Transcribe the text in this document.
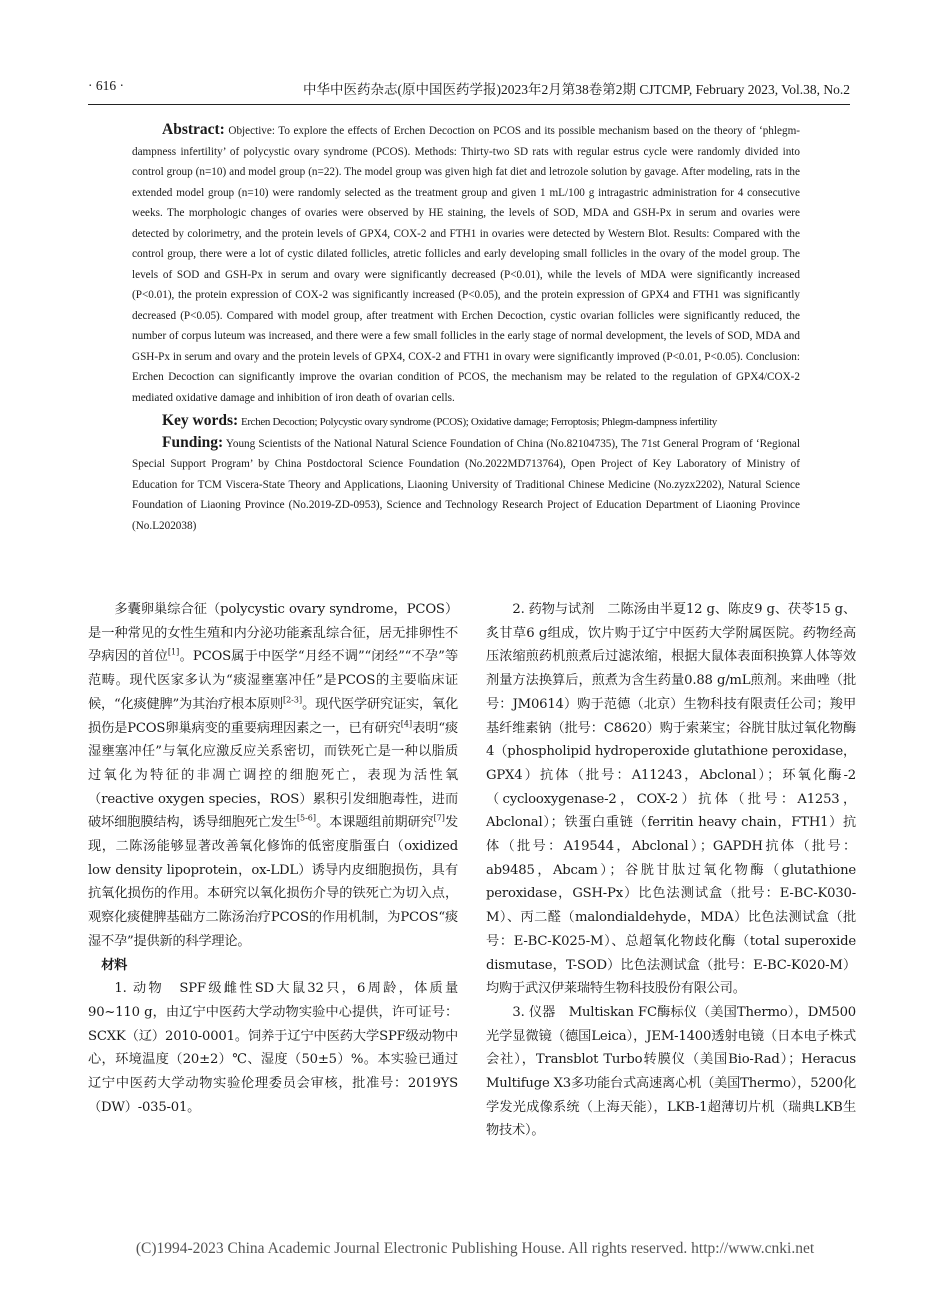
· 616 ·	中华中医药杂志(原中国医药学报)2023年2月第38卷第2期 CJTCMP, February 2023, Vol.38, No.2

Abstract: Objective: To explore the effects of Erchen Decoction on PCOS and its possible mechanism based on the theory of ‘phlegm-dampness infertility’ of polycystic ovary syndrome (PCOS). Methods: Thirty-two SD rats with regular estrus cycle were randomly divided into control group (n=10) and model group (n=22). The model group was given high fat diet and letrozole solution by gavage. After modeling, rats in the extended model group (n=10) were randomly selected as the treatment group and given 1 mL/100 g intragastric administration for 4 consecutive weeks. The morphologic changes of ovaries were observed by HE staining, the levels of SOD, MDA and GSH-Px in serum and ovaries were detected by colorimetry, and the protein levels of GPX4, COX-2 and FTH1 in ovaries were detected by Western Blot. Results: Compared with the control group, there were a lot of cystic dilated follicles, atretic follicles and early developing small follicles in the ovary of the model group. The levels of SOD and GSH-Px in serum and ovary were significantly decreased (P<0.01), while the levels of MDA were significantly increased (P<0.01), the protein expression of COX-2 was significantly increased (P<0.05), and the protein expression of GPX4 and FTH1 was significantly decreased (P<0.05). Compared with model group, after treatment with Erchen Decoction, cystic ovarian follicles were significantly reduced, the number of corpus luteum was increased, and there were a few small follicles in the early stage of normal development, the levels of SOD, MDA and GSH-Px in serum and ovary and the protein levels of GPX4, COX-2 and FTH1 in ovary were significantly improved (P<0.01, P<0.05). Conclusion: Erchen Decoction can significantly improve the ovarian condition of PCOS, the mechanism may be related to the regulation of GPX4/COX-2 mediated oxidative damage and inhibition of iron death of ovarian cells.

Key words: Erchen Decoction; Polycystic ovary syndrome (PCOS); Oxidative damage; Ferroptosis; Phlegm-dampness infertility

Funding: Young Scientists of the National Natural Science Foundation of China (No.82104735), The 71st General Program of ‘Regional Special Support Program’ by China Postdoctoral Science Foundation (No.2022MD713764), Open Project of Key Laboratory of Ministry of Education for TCM Viscera-State Theory and Applications, Liaoning University of Traditional Chinese Medicine (No.zyzx2202), Natural Science Foundation of Liaoning Province (No.2019-ZD-0953), Science and Technology Research Project of Education Department of Liaoning Province (No.L202038)

多囊卵巢综合征（polycystic ovary syndrome，PCOS）是一种常见的女性生殖和内分泌功能紊乱综合征，居无排卵性不孕病因的首位[1]。PCOS属于中医学“月经不调”“闭经”“不孕”等范畴。现代医家多认为“痰湿壅塞冲任”是PCOS的主要临床证候，“化痰健脾”为其治疗根本原则[2-3]。现代医学研究证实，氧化损伤是PCOS卵巢病变的重要病理因素之一，已有研究[4]表明“痰湿壅塞冲任”与氧化应激反应关系密切，而铁死亡是一种以脂质过氧化为特征的非凋亡调控的细胞死亡，表现为活性氧（reactive oxygen species，ROS）累积引发细胞毒性，进而破坏细胞膜结构，诱导细胞死亡发生[5-6]。本课题组前期研究[7]发现，二陈汤能够显著改善氧化修饰的低密度脂蛋白（oxidized low density lipoprotein，ox-LDL）诱导内皮细胞损伤，具有抗氧化损伤的作用。本研究以氧化损伤介导的铁死亡为切入点，观察化痰健脾基础方二陈汤治疗PCOS的作用机制，为PCOS“痰湿不孕”提供新的科学理论。

材料

1. 动物　SPF级雌性SD大鼠32只，6周龄，体质量90~110 g，由辽宁中医药大学动物实验中心提供，许可证号：SCXK（辽）2010-0001。饲养于辽宁中医药大学SPF级动物中心，环境温度（20±2）℃、湿度（50±5）%。本实验已通过辽宁中医药大学动物实验伦理委员会审核，批准号：2019YS（DW）-035-01。

2. 药物与试剂　二陈汤由半夏12 g、陈皮9 g、茯苓15 g、炙甘草6 g组成，饮片购于辽宁中医药大学附属医院。药物经高压浓缩煎药机煎煮后过滤浓缩，根据大鼠体表面积换算人体等效剂量方法换算后，煎煮为含生药量0.88 g/mL煎剂。来曲唑（批号：JM0614）购于范德（北京）生物科技有限责任公司；羧甲基纤维素钠（批号：C8620）购于索莱宝；谷胱甘肽过氧化物酶4（phospholipid hydroperoxide glutathione peroxidase，GPX4）抗体（批号：A11243，Abclonal）；环氧化酶-2（cyclooxygenase-2，COX-2）抗体（批号：A1253，Abclonal）；铁蛋白重链（ferritin heavy chain，FTH1）抗体（批号：A19544，Abclonal）；GAPDH抗体（批号：ab9485，Abcam）；谷胱甘肽过氧化物酶（glutathione peroxidase，GSH-Px）比色法测试盒（批号：E-BC-K030-M）、丙二醛（malondialdehyde，MDA）比色法测试盒（批号：E-BC-K025-M）、总超氧化物歧化酶（total superoxide dismutase，T-SOD）比色法测试盒（批号：E-BC-K020-M）均购于武汉伊莱瑞特生物科技股份有限公司。

3. 仪器　Multiskan FC酶标仪（美国Thermo），DM500光学显微镜（德国Leica），JEM-1400透射电镜（日本电子株式会社），Transblot Turbo转膜仪（美国Bio-Rad）；Heracus Multifuge X3多功能台式高速离心机（美国Thermo），5200化学发光成像系统（上海天能），LKB-1超薄切片机（瑞典LKB生物技术）。

(C)1994-2023 China Academic Journal Electronic Publishing House. All rights reserved. http://www.cnki.net
